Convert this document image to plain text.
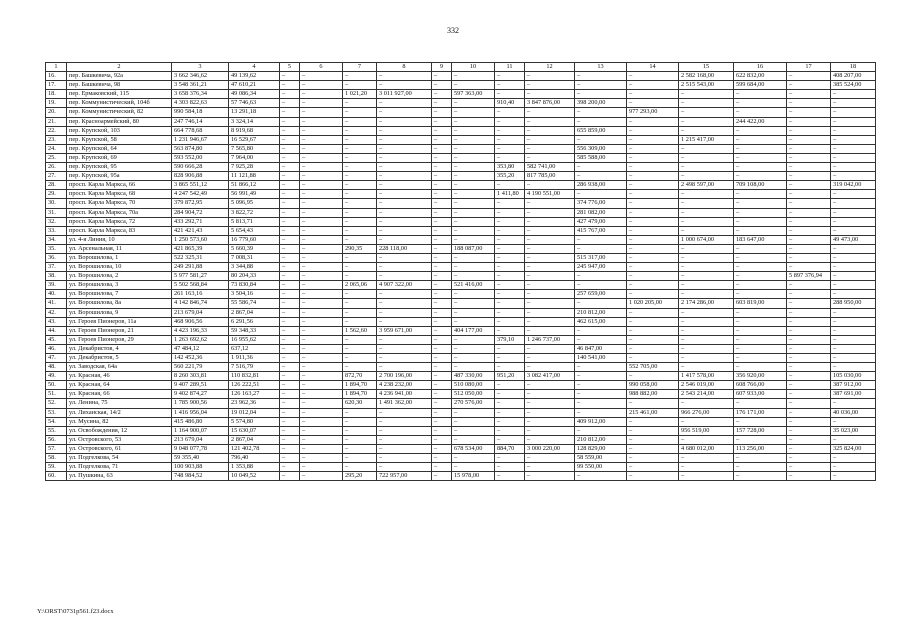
332
1	2	3	4	5	6	7	8	9	10	11	12	13	14	15	16	17	18
16.	пер. Башкевича, 92а	3 662 346,62	49 139,62	–	–	–	–	–	–	–	–	–	–	2 582 168,00	622 832,00	–	408 207,00
17.	пер. Башкевича, 98	3 548 361,21	47 610,21	–	–	–	–	–	–	–	–	–	–	2 515 543,00	599 684,00	–	385 524,00
18.	пер. Ермаковский, 115	3 658 376,34	49 086,34	–	–	1 021,20	3 011 927,00	–	597 363,00	–	–	–	–	–	–	–	–
19.	пер. Коммунистический, 104б	4 303 822,63	57 746,63	–	–	–	–	–	–	910,40	3 847 876,00	398 200,00	–	–	–	–	–
20.	пер. Коммунистический, 82	990 584,18	13 291,18	–	–	–	–	–	–	–	–	–	977 293,00	–	–	–	–
21.	пер. Красноармейский, 80	247 746,14	3 324,14	–	–	–	–	–	–	–	–	–	–	–	244 422,00	–	–
22.	пер. Крупской, 103	664 778,68	8 919,68	–	–	–	–	–	–	–	–	655 859,00	–	–	–	–	–
23.	пер. Крупской, 58	1 231 946,67	16 529,67	–	–	–	–	–	–	–	–	–	–	1 215 417,00	–	–	–
24.	пер. Крупской, 64	563 874,80	7 565,80	–	–	–	–	–	–	–	–	556 309,00	–	–	–	–	–
25.	пер. Крупской, 69	593 552,00	7 964,00	–	–	–	–	–	–	–	–	585 588,00	–	–	–	–	–
26.	пер. Крупской, 95	590 666,28	7 925,28	–	–	–	–	–	–	353,80	582 741,00	–	–	–	–	–	–
27.	пер. Крупской, 95а	828 906,88	11 121,88	–	–	–	–	–	–	355,20	817 785,00	–	–	–	–	–	–
28.	просп. Карла Маркса, 66	3 865 551,12	51 866,12	–	–	–	–	–	–	–	–	286 938,00	–	2 498 597,00	709 108,00	–	319 042,00
29.	просп. Карла Маркса, 68	4 247 542,49	56 991,49	–	–	–	–	–	–	1 411,80	4 190 551,00	–	–	–	–	–	–
30.	просп. Карла Маркса, 70	379 872,95	5 096,95	–	–	–	–	–	–	–	–	374 776,00	–	–	–	–	–
31.	просп. Карла Маркса, 70а	284 904,72	3 822,72	–	–	–	–	–	–	–	–	281 082,00	–	–	–	–	–
32.	просп. Карла Маркса, 72	433 292,71	5 813,71	–	–	–	–	–	–	–	–	427 479,00	–	–	–	–	–
33.	просп. Карла Маркса, 83	421 421,43	5 654,43	–	–	–	–	–	–	–	–	415 767,00	–	–	–	–	–
34.	ул. 4-я Линия, 10	1 250 573,60	16 779,60	–	–	–	–	–	–	–	–	–	–	1 000 674,00	183 647,00	–	49 473,00
35.	ул. Арсенальная, 11	421 865,39	5 660,39	–	–	290,35	228 118,00	–	188 087,00	–	–	–	–	–	–	–	–
36.	ул. Ворошилова, 1	522 325,31	7 008,31	–	–	–	–	–	–	–	–	515 317,00	–	–	–	–	–
37.	ул. Ворошилова, 10	249 291,88	3 344,88	–	–	–	–	–	–	–	–	245 947,00	–	–	–	–	–
38.	ул. Ворошилова, 2	5 977 581,27	80 204,33	–	–	–	–	–	–	–	–	–	–	–	–	5 897 376,94	–
39.	ул. Ворошилова, 3	5 502 568,84	73 830,84	–	–	2 065,06	4 907 322,00	–	521 416,00	–	–	–	–	–	–	–	–
40.	ул. Ворошилова, 7	261 163,16	3 504,16	–	–	–	–	–	–	–	–	257 659,00	–	–	–	–	–
41.	ул. Ворошилова, 8а	4 142 846,74	55 586,74	–	–	–	–	–	–	–	–	–	1 020 205,00	2 174 286,00	603 819,00	–	288 950,00
42.	ул. Ворошилова, 9	213 679,04	2 867,04	–	–	–	–	–	–	–	–	210 812,00	–	–	–	–	–
43.	ул. Героев Пионеров, 11а	468 906,56	6 291,56	–	–	–	–	–	–	–	–	462 615,00	–	–	–	–	–
44.	ул. Героев Пионеров, 21	4 423 196,33	59 348,33	–	–	1 562,60	3 959 671,00	–	404 177,00	–	–	–	–	–	–	–	–
45.	ул. Героев Пионеров, 29	1 263 692,62	16 955,62	–	–	–	–	–	–	379,10	1 246 737,00	–	–	–	–	–	–
46.	ул. Декабристов, 4	47 484,12	637,12	–	–	–	–	–	–	–	–	46 847,00	–	–	–	–	–
47.	ул. Декабристов, 5	142 452,36	1 911,36	–	–	–	–	–	–	–	–	140 541,00	–	–	–	–	–
48.	ул. Заводская, 64а	560 221,79	7 516,79	–	–	–	–	–	–	–	–	–	552 705,00	–	–	–	–
49.	ул. Красная, 46	8 260 303,81	110 832,81	–	–	872,70	2 700 196,00	–	487 330,00	951,20	3 082 417,00	–	–	1 417 578,00	356 920,00	–	105 030,00
50.	ул. Красная, 64	9 407 289,51	126 222,51	–	–	1 894,70	4 238 232,00	–	510 080,00	–	–	–	990 058,00	2 546 019,00	608 766,00	–	387 912,00
51.	ул. Красная, 66	9 402 874,27	126 163,27	–	–	1 894,70	4 236 941,00	–	512 050,00	–	–	–	988 882,00	2 543 214,00	607 933,00	–	387 691,00
52.	ул. Ленина, 75	1 785 900,56	23 962,36	–	–	620,30	1 491 362,00	–	270 576,00	–	–	–	–	–	–	–	–
53.	ул. Лиханская, 14/2	1 416 956,04	19 012,04	–	–	–	–	–	–	–	–	–	215 461,00	966 276,00	176 171,00	–	40 036,00
54.	ул. Мусина, 82	415 486,80	5 574,80	–	–	–	–	–	–	–	–	409 912,00	–	–	–	–	–
55.	ул. Освобождения, 12	1 164 900,07	15 630,07	–	–	–	–	–	–	–	–	–	–	956 519,00	157 728,00	–	35 023,00
56.	ул. Островского, 53	213 679,04	2 867,04	–	–	–	–	–	–	–	–	210 812,00	–	–	–	–	–
57.	ул. Островского, 61	9 048 077,78	121 402,78	–	–	–	–	–	678 534,00	884,70	3 000 220,00	128 829,00	–	4 680 012,00	113 256,00	–	325 824,00
58.	ул. Подгелкова, 54	59 355,40	796,40	–	–	–	–	–	–	–	–	58 559,00	–	–	–	–	–
59.	ул. Подгелкова, 71	100 903,88	1 353,88	–	–	–	–	–	–	–	–	99 550,00	–	–	–	–	–
60.	ул. Пушкина, 63	748 984,52	10 049,52	–	–	295,20	722 957,00	–	15 978,00	–	–	–	–	–	–	–	–
Y:\ORST\0731p561.f23.docx
